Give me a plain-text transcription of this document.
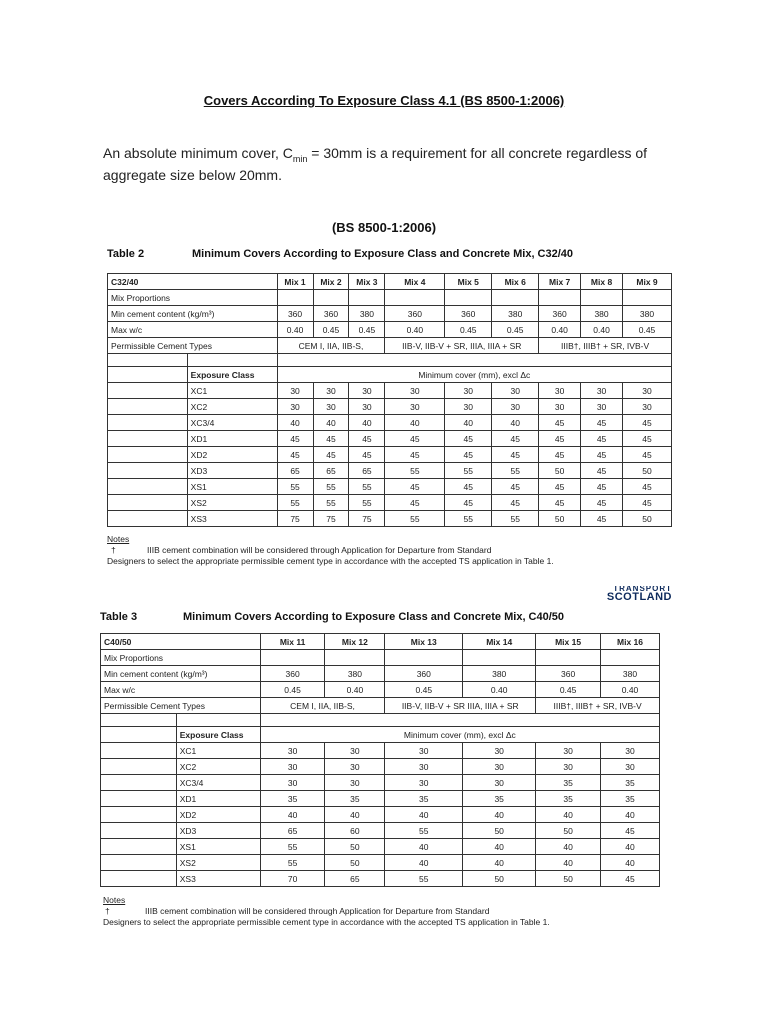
Covers According To Exposure Class 4.1 (BS 8500-1:2006)
An absolute minimum cover, $C_{min} = 30mm$ is a requirement for all concrete regardless of aggregate size below 20mm.
(BS 8500-1:2006)
Table 2	Minimum Covers According to Exposure Class and Concrete Mix, C32/40
C32/40		Mix 1	Mix 2	Mix 3	Mix 4	Mix 5	Mix 6	Mix 7	Mix 8	Mix 9
Mix Proportions										
Min cement content (kg/m³)		360	360	380	360	360	380	360	380	380
Max w/c		0.40	0.45	0.45	0.40	0.45	0.45	0.40	0.40	0.45
Permissible Cement Types		CEM I, IIA, IIB-S,			IIB-V, IIB-V + SR, IIIA, IIIA + SR			IIIB†, IIIB† + SR, IVB-V		

	Exposure Class	Minimum cover (mm), excl Δc								
	XC1	30	30	30	30	30	30	30	30	30
	XC2	30	30	30	30	30	30	30	30	30
	XC3/4	40	40	40	40	40	40	45	45	45
	XD1	45	45	45	45	45	45	45	45	45
	XD2	45	45	45	45	45	45	45	45	45
	XD3	65	65	65	55	55	55	50	45	50
	XS1	55	55	55	45	45	45	45	45	45
	XS2	55	55	55	45	45	45	45	45	45
	XS3	75	75	75	55	55	55	50	45	50
Notes
†	IIIB cement combination will be considered through Application for Departure from Standard
Designers to select the appropriate permissible cement type in accordance with the accepted TS application in Table 1.
TRANSPORT
SCOTLAND
Table 3	Minimum Covers According to Exposure Class and Concrete Mix, C40/50
C40/50		Mix 11	Mix 12	Mix 13	Mix 14	Mix 15	Mix 16
Mix Proportions							
Min cement content (kg/m³)		360	380	360	380	360	380
Max w/c		0.45	0.40	0.45	0.40	0.45	0.40
Permissible Cement Types		CEM I, IIA, IIB-S,		IIB-V, IIB-V + SR IIIA, IIIA + SR		IIIB†, IIIB† + SR, IVB-V	

	Exposure Class	Minimum cover (mm), excl Δc					
	XC1	30	30	30	30	30	30
	XC2	30	30	30	30	30	30
	XC3/4	30	30	30	30	35	35
	XD1	35	35	35	35	35	35
	XD2	40	40	40	40	40	40
	XD3	65	60	55	50	50	45
	XS1	55	50	40	40	40	40
	XS2	55	50	40	40	40	40
	XS3	70	65	55	50	50	45
Notes
†	IIIB cement combination will be considered through Application for Departure from Standard
Designers to select the appropriate permissible cement type in accordance with the accepted TS application in Table 1.
